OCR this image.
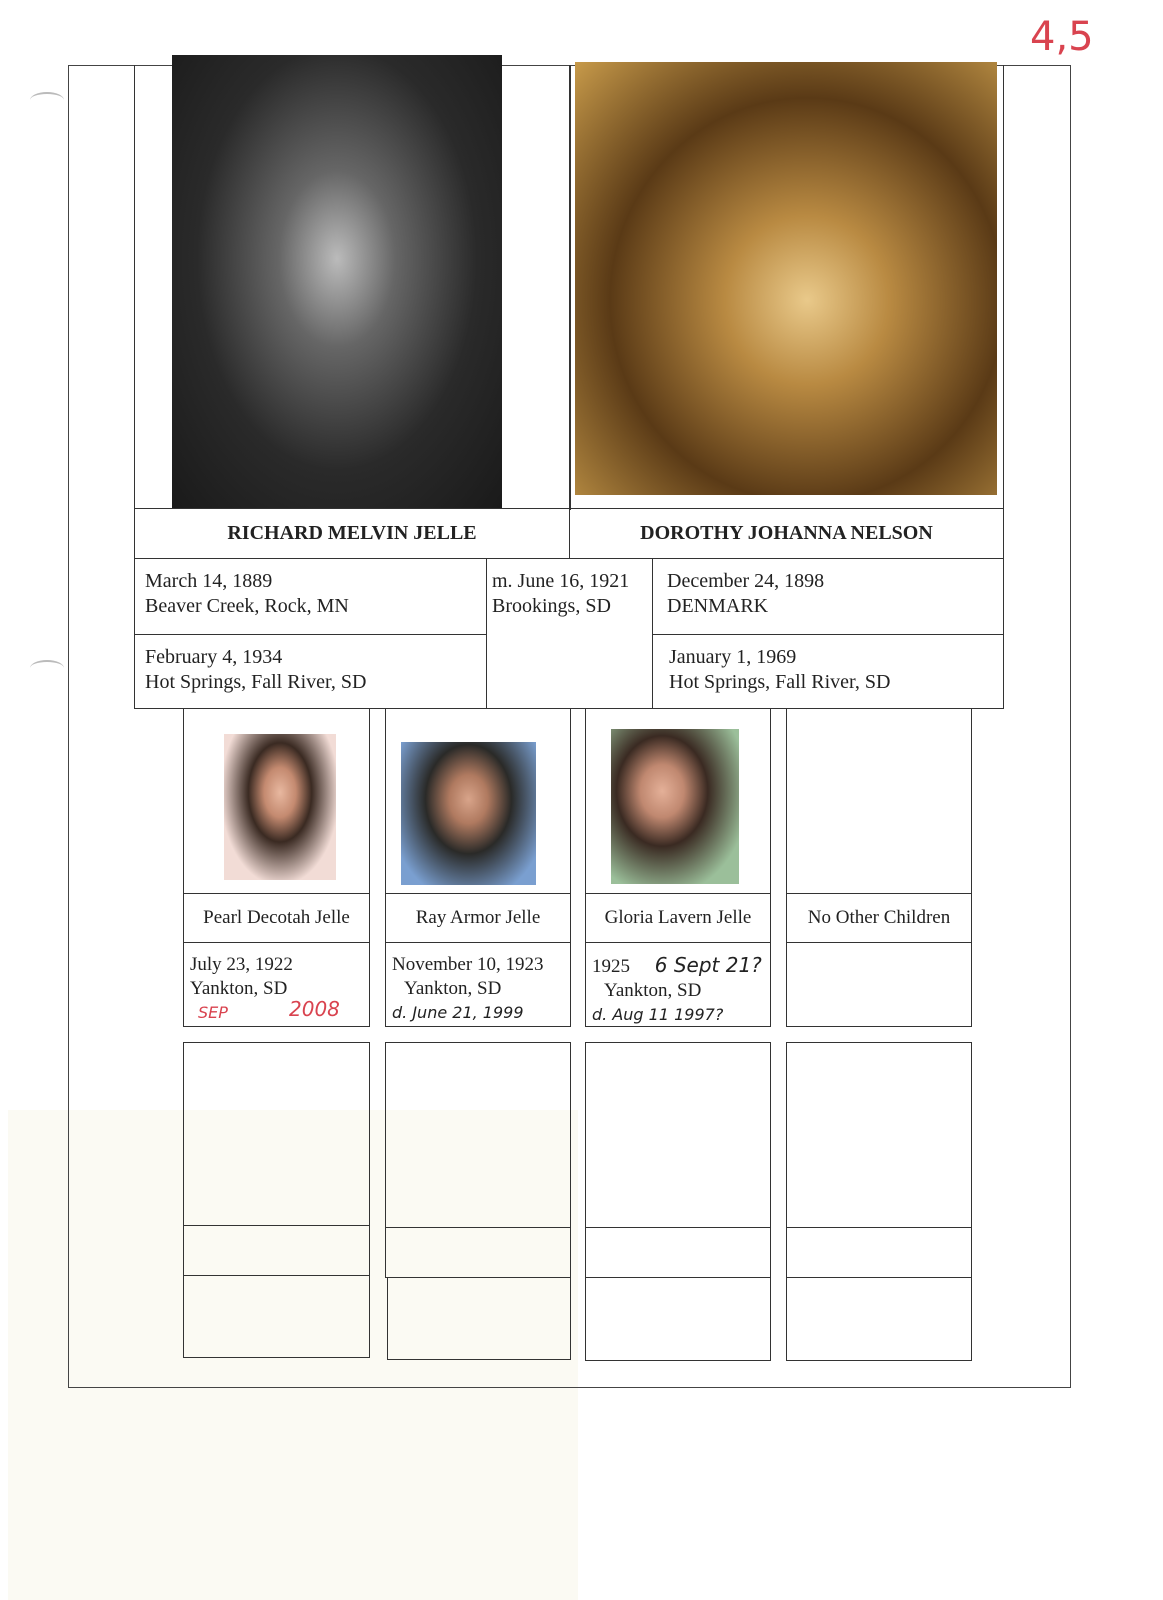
4,5
RICHARD MELVIN JELLE	DOROTHY JOHANNA NELSON
March 14, 1889
Beaver Creek, Rock, MN
February 4, 1934
Hot Springs, Fall River, SD
m. June 16, 1921
Brookings, SD
December 24, 1898
DENMARK
January 1, 1969
Hot Springs, Fall River, SD
Pearl Decotah Jelle	Ray Armor Jelle	Gloria Lavern Jelle	No Other Children
July 23, 1922
Yankton, SD
SEP	2008
November 10, 1923
Yankton, SD
d. June 21, 1999
1925 6 Sept 21?
Yankton, SD
d. Aug 11 1997?
